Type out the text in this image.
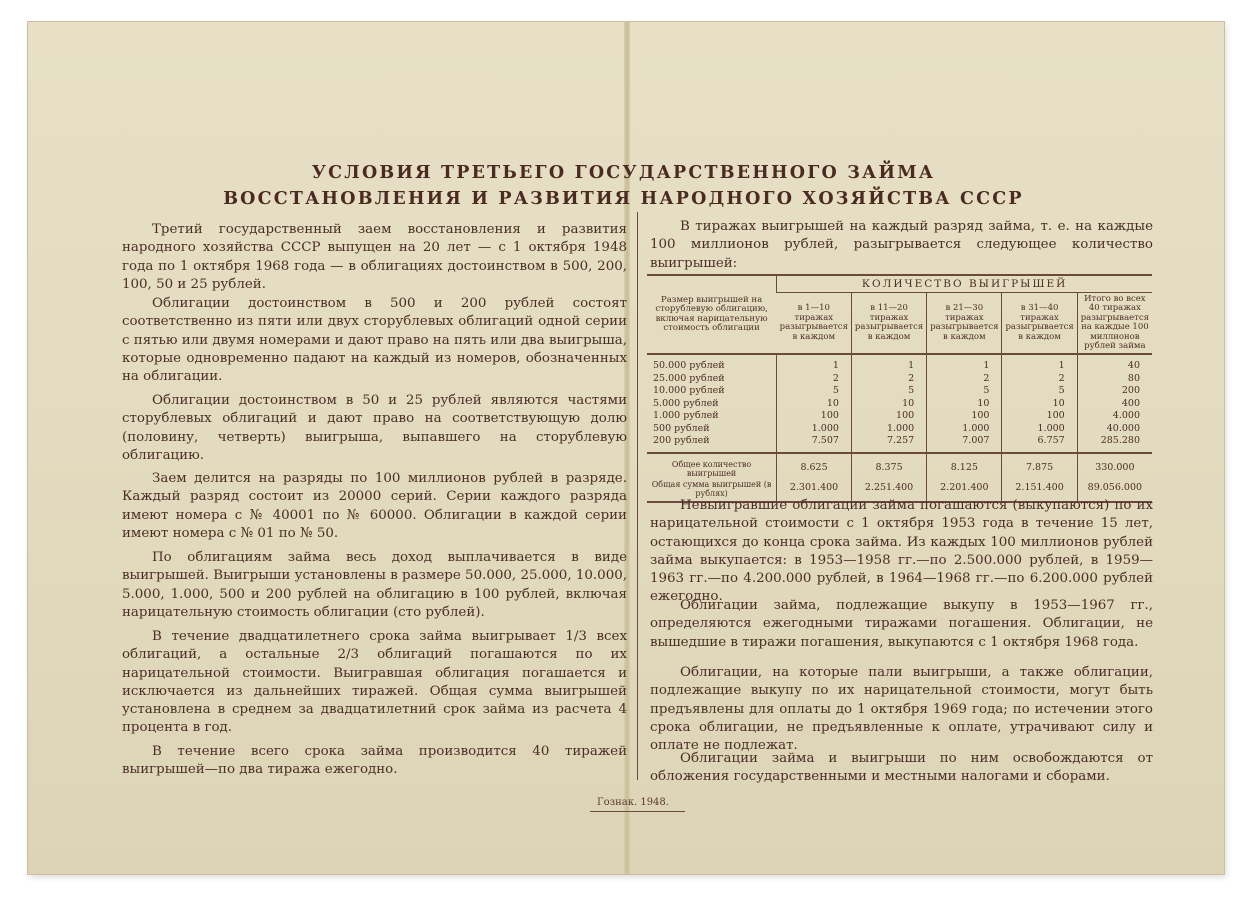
УСЛОВИЯ ТРЕТЬЕГО ГОСУДАРСТВЕННОГО ЗАЙМА
ВОССТАНОВЛЕНИЯ И РАЗВИТИЯ НАРОДНОГО ХОЗЯЙСТВА СССР

Третий государственный заем восстановления и развития народного хозяйства СССР выпущен на 20 лет — с 1 октября 1948 года по 1 октября 1968 года — в облигациях достоинством в 500, 200, 100, 50 и 25 рублей.

Облигации достоинством в 500 и 200 рублей состоят соответственно из пяти или двух сторублевых облигаций одной серии с пятью или двумя номерами и дают право на пять или два выигрыша, которые одновременно падают на каждый из номеров, обозначенных на облигации.

Облигации достоинством в 50 и 25 рублей являются частями сторублевых облигаций и дают право на соответствующую долю (половину, четверть) выигрыша, выпавшего на сторублевую облигацию.

Заем делится на разряды по 100 миллионов рублей в разряде. Каждый разряд состоит из 20000 серий. Серии каждого разряда имеют номера с № 40001 по № 60000. Облигации в каждой серии имеют номера с № 01 по № 50.

По облигациям займа весь доход выплачивается в виде выигрышей. Выигрыши установлены в размере 50.000, 25.000, 10.000, 5.000, 1.000, 500 и 200 рублей на облигацию в 100 рублей, включая нарицательную стоимость облигации (сто рублей).

В течение двадцатилетнего срока займа выигрывает 1/3 всех облигаций, а остальные 2/3 облигаций погашаются по их нарицательной стоимости. Выигравшая облигация погашается и исключается из дальнейших тиражей. Общая сумма выигрышей установлена в среднем за двадцатилетний срок займа из расчета 4 процента в год.

В течение всего срока займа производится 40 тиражей выигрышей—по два тиража ежегодно.

В тиражах выигрышей на каждый разряд займа, т. е. на каждые 100 миллионов рублей, разыгрывается следующее количество выигрышей:

Размер выигрышей на сторублевую облигацию, включая нарицательную стоимость облигации	КОЛИЧЕСТВО ВЫИГРЫШЕЙ				
	в 1—10 тиражах разыгрывается в каждом	в 11—20 тиражах разыгрывается в каждом	в 21—30 тиражах разыгрывается в каждом	в 31—40 тиражах разыгрывается в каждом	Итого во всех 40 тиражах разыгрывается на каждые 100 миллионов рублей займа
50.000 рублей	1	1	1	1	40
25.000 рублей	2	2	2	2	80
10.000 рублей	5	5	5	5	200
5.000 рублей	10	10	10	10	400
1.000 рублей	100	100	100	100	4.000
500 рублей	1.000	1.000	1.000	1.000	40.000
200 рублей	7.507	7.257	7.007	6.757	285.280
Общее количество выигрышей	8.625	8.375	8.125	7.875	330.000
Общая сумма выигрышей (в рублях)	2.301.400	2.251.400	2.201.400	2.151.400	89.056.000

Невыигравшие облигации займа погашаются (выкупаются) по их нарицательной стоимости с 1 октября 1953 года в течение 15 лет, остающихся до конца срока займа. Из каждых 100 миллионов рублей займа выкупается: в 1953—1958 гг.—по 2.500.000 рублей, в 1959—1963 гг.—по 4.200.000 рублей, в 1964—1968 гг.—по 6.200.000 рублей ежегодно.

Облигации займа, подлежащие выкупу в 1953—1967 гг., определяются ежегодными тиражами погашения. Облигации, не вышедшие в тиражи погашения, выкупаются с 1 октября 1968 года.

Облигации, на которые пали выигрыши, а также облигации, подлежащие выкупу по их нарицательной стоимости, могут быть предъявлены для оплаты до 1 октября 1969 года; по истечении этого срока облигации, не предъявленные к оплате, утрачивают силу и оплате не подлежат.

Облигации займа и выигрыши по ним освобождаются от обложения государственными и местными налогами и сборами.

Гознак. 1948.
